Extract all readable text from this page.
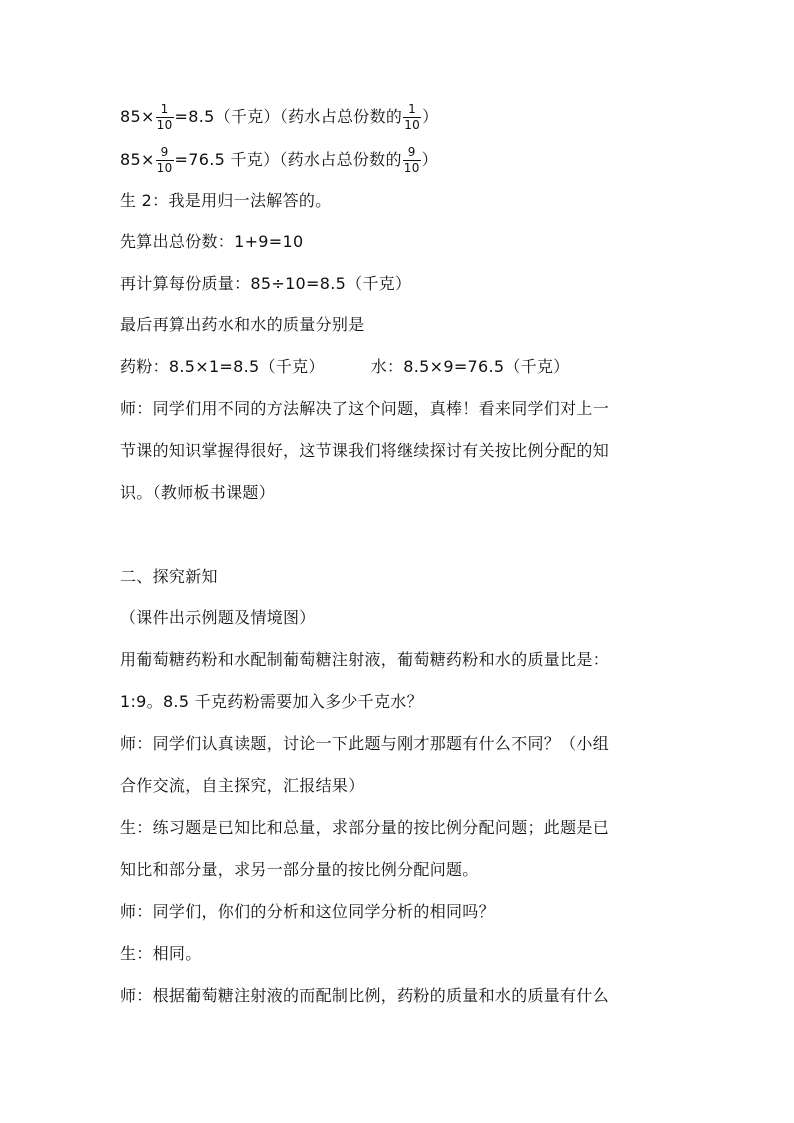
$85\times \frac{1}{10} =8.5$（千克）（药水占总份数的 $\frac{1}{10}$ ）
$85\times \frac{9}{10} =76.5$ 千克）（药水占总份数的 $\frac{9}{10}$ ）
生 2：我是用归一法解答的。
先算出总份数：1+9=10
再计算每份质量：85÷10=8.5（千克）
最后再算出药水和水的质量分别是
药粉：8.5×1=8.5（千克）	水：8.5×9=76.5（千克）
师：同学们用不同的方法解决了这个问题，真棒！看来同学们对上一
节课的知识掌握得很好，这节课我们将继续探讨有关按比例分配的知
识。（教师板书课题）
二、探究新知
（课件出示例题及情境图）
用葡萄糖药粉和水配制葡萄糖注射液，葡萄糖药粉和水的质量比是：
1:9。8.5 千克药粉需要加入多少千克水？
师：同学们认真读题，讨论一下此题与刚才那题有什么不同？（小组
合作交流，自主探究，汇报结果）
生：练习题是已知比和总量，求部分量的按比例分配问题；此题是已
知比和部分量，求另一部分量的按比例分配问题。
师：同学们，你们的分析和这位同学分析的相同吗？
生：相同。
师：根据葡萄糖注射液的而配制比例，药粉的质量和水的质量有什么
